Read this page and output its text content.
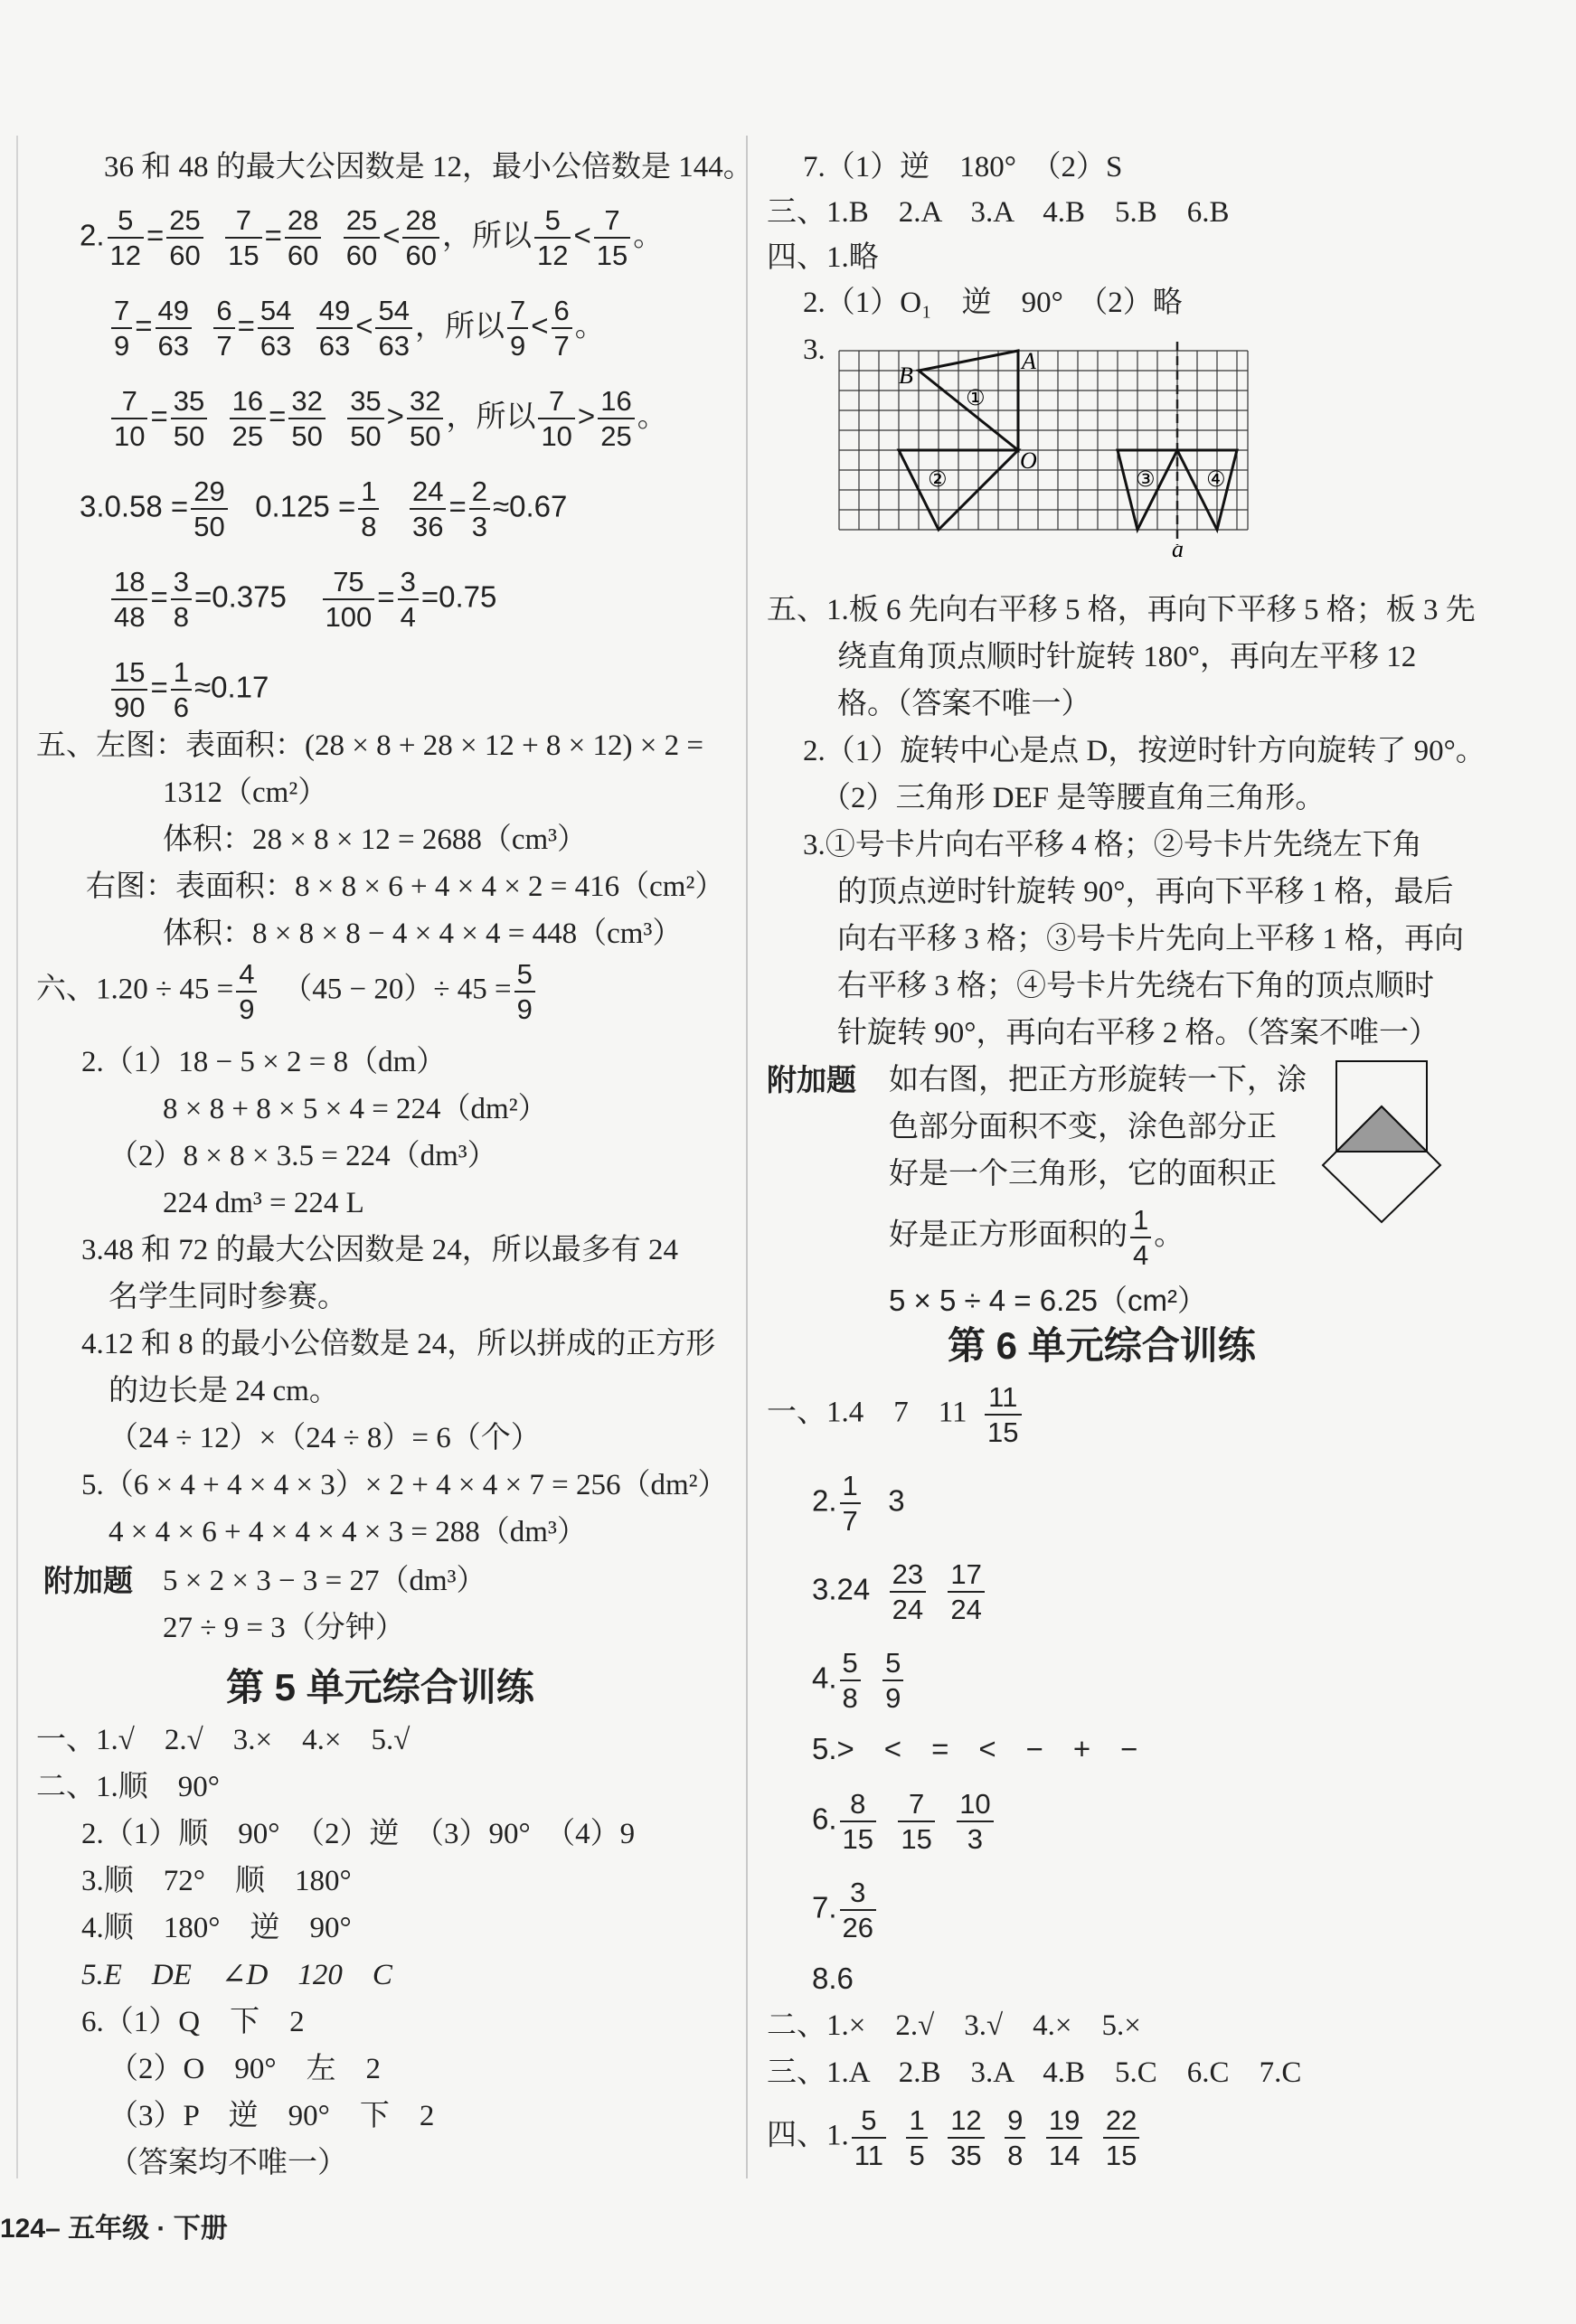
36 和 48 的最大公因数是 12，最小公倍数是 144。
2. $\frac{5}{12} = \frac{25}{60}$
$\frac{7}{15} = \frac{28}{60}$
$\frac{25}{60} < \frac{28}{60}$ ，所以 $\frac{5}{12} < \frac{7}{15}$ 。
$\frac{7}{9} = \frac{49}{63}$
$\frac{6}{7} = \frac{54}{63}$
$\frac{49}{63} < \frac{54}{63}$ ，所以 $\frac{7}{9} < \frac{6}{7}$ 。
$\frac{7}{10} = \frac{35}{50}$
$\frac{16}{25} = \frac{32}{50}$
$\frac{35}{50} > \frac{32}{50}$ ，所以 $\frac{7}{10} > \frac{16}{25}$ 。
$3.0.58 = \frac{29}{50} 0.125 = \frac{1}{8}$
$\frac{24}{36} = \frac{2}{3} \approx 0.67$
$\frac{18}{48} = \frac{3}{8} =0.375 \frac{75}{100} = \frac{3}{4} =0.75$
$\frac{15}{90} = \frac{1}{6} \approx 0.17$
五、左图：表面积：(28 × 8 + 28 × 12 + 8 × 12) × 2 =
1312（cm²）
体积：28 × 8 × 12 = 2688（cm³）
右图：表面积：8 × 8 × 6 + 4 × 4 × 2 = 416（cm²）
体积：8 × 8 × 8 − 4 × 4 × 4 = 448（cm³）
六、$1.20 \div 45 = \frac{4}{9} (45 - 20)\div 45 = \frac{5}{9}$
2.（1）18 − 5 × 2 = 8（dm）
8 × 8 + 8 × 5 × 4 = 224（dm²）
（2）8 × 8 × 3.5 = 224（dm³）
224 dm³ = 224 L
3.48 和 72 的最大公因数是 24，所以最多有 24
名学生同时参赛。
4.12 和 8 的最小公倍数是 24，所以拼成的正方形
的边长是 24 cm。
（24 ÷ 12）×（24 ÷ 8）= 6（个）
5.（6 × 4 + 4 × 4 × 3）× 2 + 4 × 4 × 7 = 256（dm²）
4 × 4 × 6 + 4 × 4 × 4 × 3 = 288（dm³）
附加题 5 × 2 × 3 − 3 = 27（dm³）
27 ÷ 9 = 3（分钟）
第 5 单元综合训练
一、1.√　2.√　3.×　4.×　5.√
二、1.顺　90°
2.（1）顺　90°　（2）逆　（3）90°　（4）9
3.顺　72°　顺　180°
4.顺　180°　逆　90°
5.E　DE　∠D　120　C
6.（1）Q　下　2
（2）O　90°　左　2
（3）P　逆　90°　下　2
（答案均不唯一）
7.（1）逆　180°　（2）S
三、1.B　2.A　3.A　4.B　5.B　6.B
四、1.略
2.（1）O₁　逆　90°　（2）略
3.	A
B
O
a
①
②	③ ④
五、1.板 6 先向右平移 5 格，再向下平移 5 格；板 3 先
绕直角顶点顺时针旋转 180°，再向左平移 12
格。（答案不唯一）
2.（1）旋转中心是点 D，按逆时针方向旋转了 90°。
（2）三角形 DEF 是等腰直角三角形。
3.①号卡片向右平移 4 格；②号卡片先绕左下角
的顶点逆时针旋转 90°，再向下平移 1 格，最后
向右平移 3 格；③号卡片先向上平移 1 格，再向
右平移 3 格；④号卡片先绕右下角的顶点顺时
针旋转 90°，再向右平移 2 格。（答案不唯一）
附加题 如右图，把正方形旋转一下，涂
色部分面积不变，涂色部分正
好是一个三角形，它的面积正
好是正方形面积的 $\frac{1}{4}$ 。
5 × 5 ÷ 4 = 6.25（cm²）
第 6 单元综合训练
一、1.4　7　$11 \frac{11}{15}$
2. $\frac{1}{7} 3$
$3.24 \frac{23}{24}$
$\frac{17}{24}$
4. $\frac{5}{8}$
$\frac{5}{9}$
5.>　<　=　<　−　+　−
6. $\frac{8}{15}$
$\frac{7}{15}$
$\frac{10}{3}$
7. $\frac{3}{26}$
8.6
二、1.×　2.√　3.√　4.×　5.×
三、1.A　2.B　3.A　4.B　5.C　6.C　7.C
四、1. $\frac{5}{11}$
$\frac{1}{5}$
$\frac{12}{35}$
$\frac{9}{8}$
$\frac{19}{14}$
$\frac{22}{15}$
124– 五年级 · 下册
